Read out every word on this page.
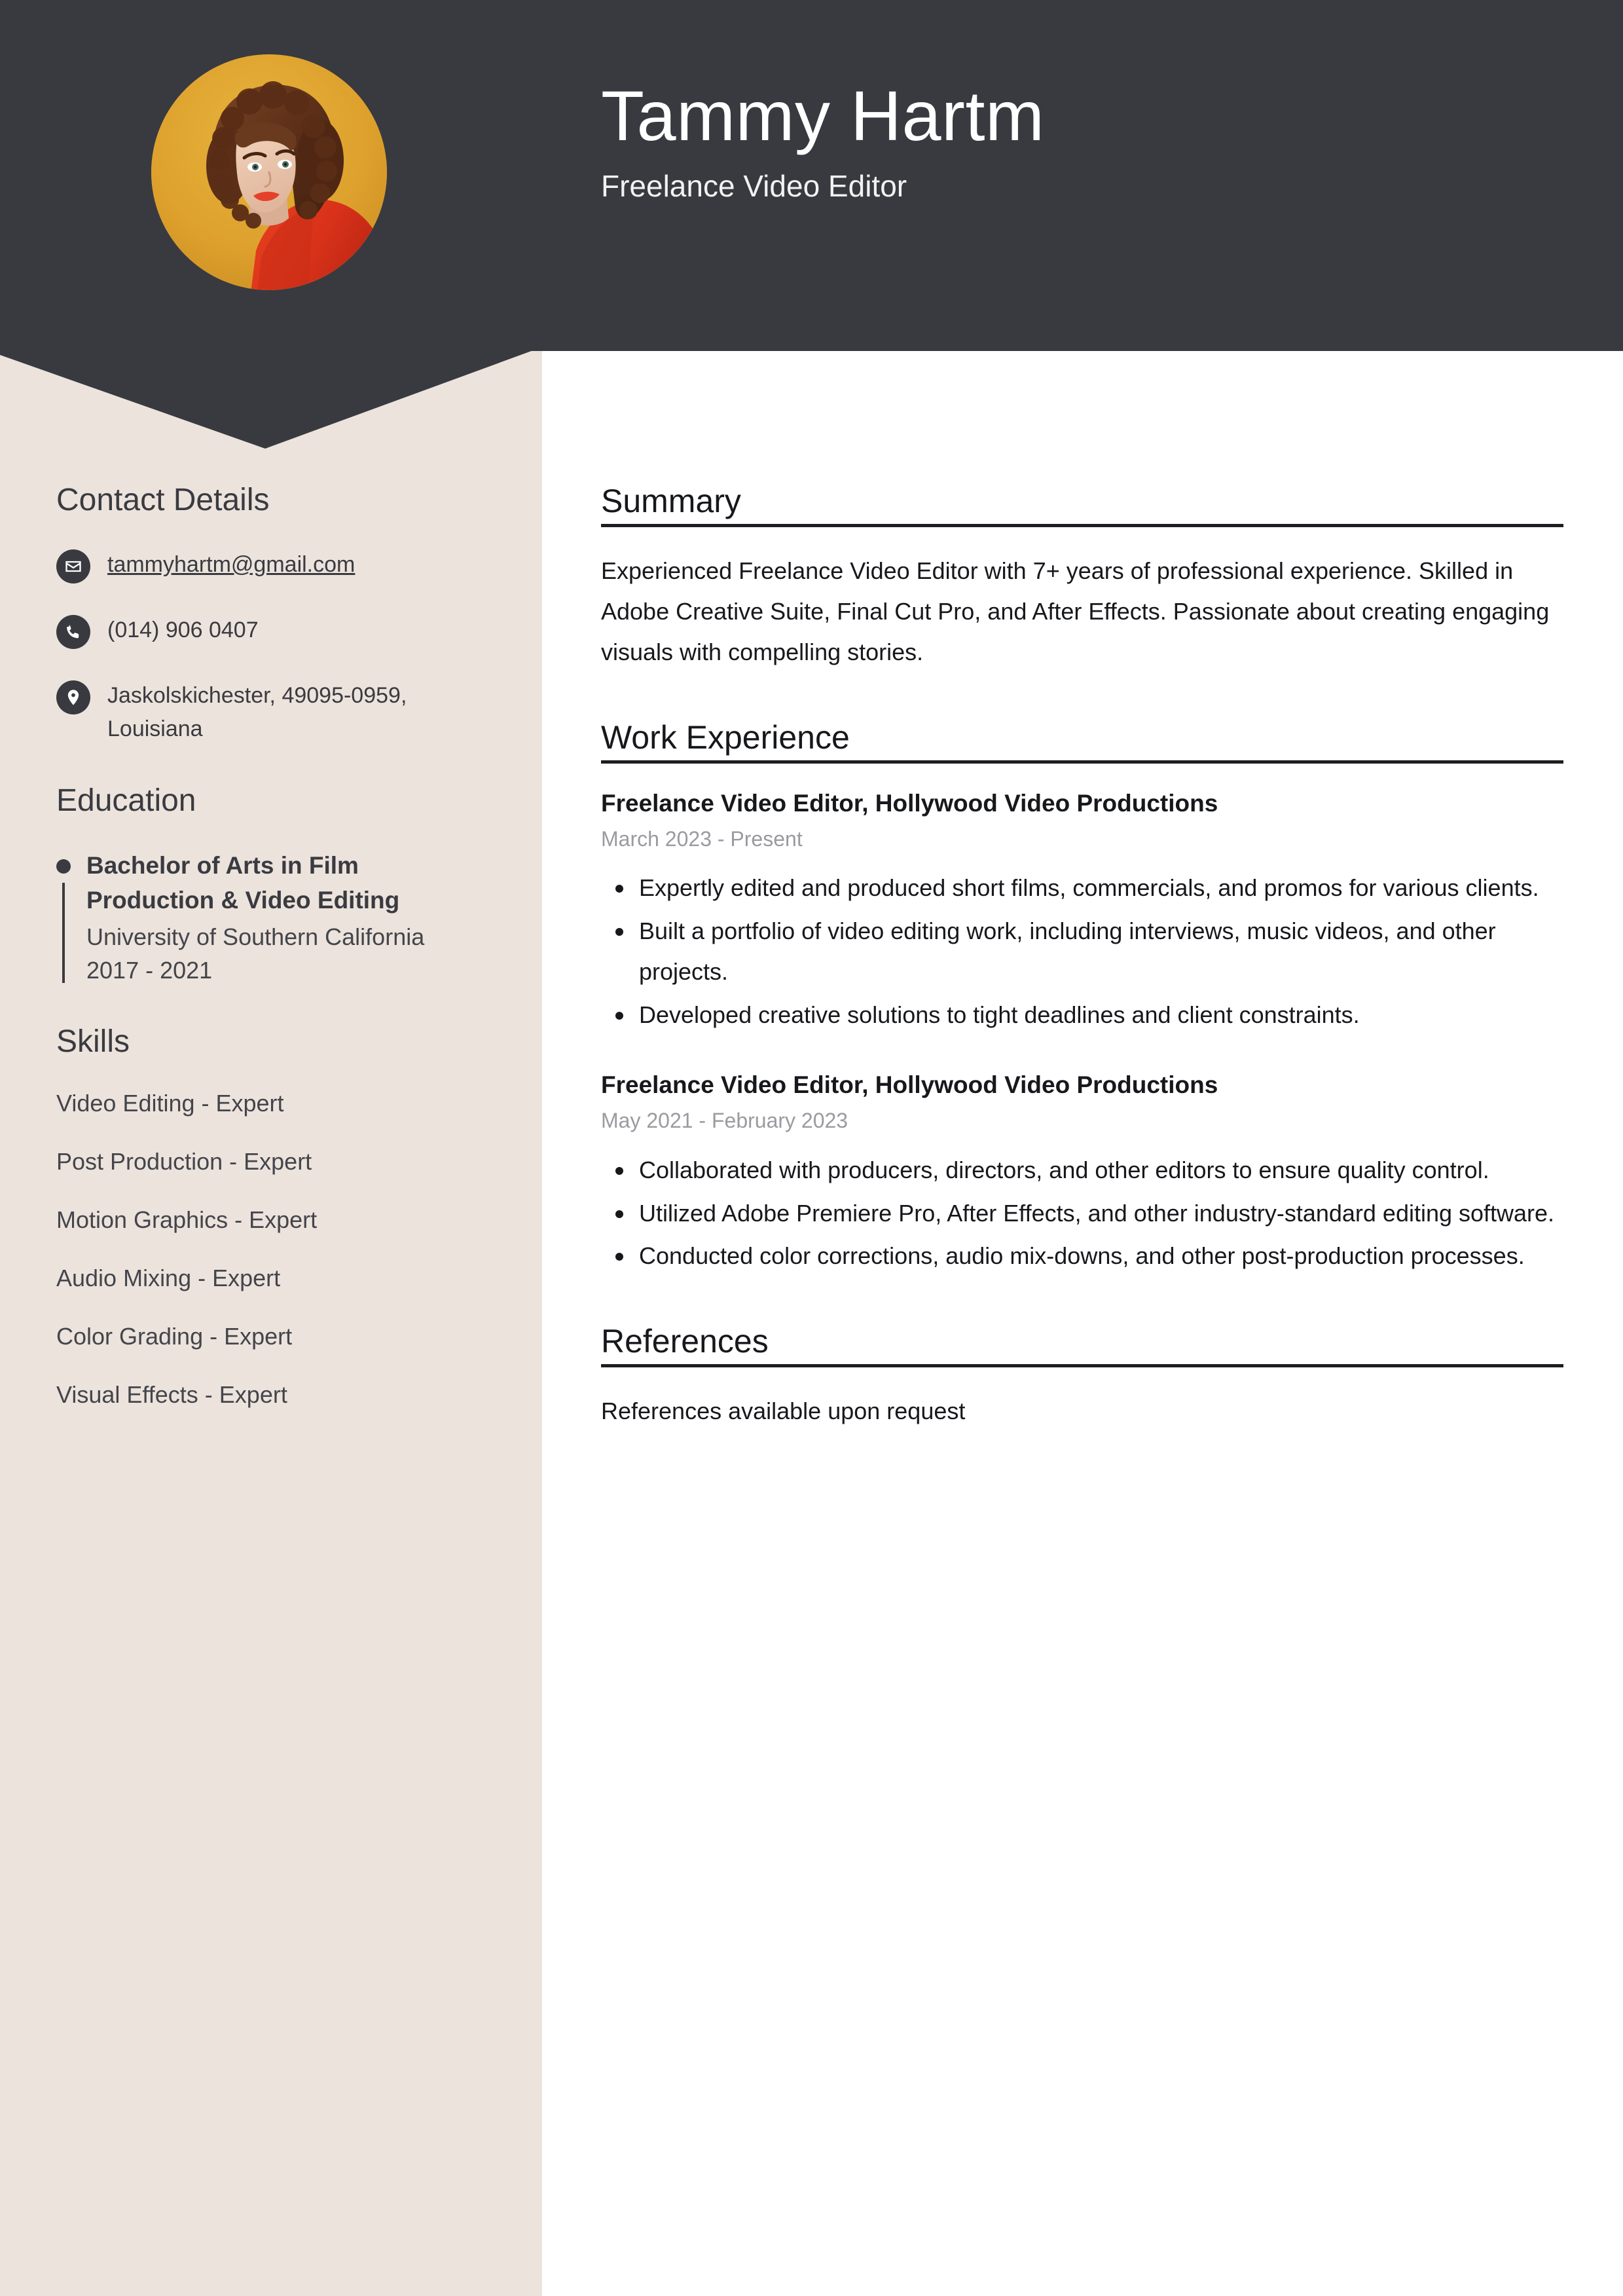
Tammy Hartm
Freelance Video Editor
Contact Details
tammyhartm@gmail.com
(014) 906 0407
Jaskolskichester, 49095-0959, Louisiana
Education
Bachelor of Arts in Film Production & Video Editing
University of Southern California
2017 - 2021
Skills
Video Editing - Expert
Post Production - Expert
Motion Graphics - Expert
Audio Mixing - Expert
Color Grading - Expert
Visual Effects - Expert
Summary
Experienced Freelance Video Editor with 7+ years of professional experience. Skilled in Adobe Creative Suite, Final Cut Pro, and After Effects. Passionate about creating engaging visuals with compelling stories.
Work Experience
Freelance Video Editor, Hollywood Video Productions
March 2023 - Present
Expertly edited and produced short films, commercials, and promos for various clients.
Built a portfolio of video editing work, including interviews, music videos, and other projects.
Developed creative solutions to tight deadlines and client constraints.
Freelance Video Editor, Hollywood Video Productions
May 2021 - February 2023
Collaborated with producers, directors, and other editors to ensure quality control.
Utilized Adobe Premiere Pro, After Effects, and other industry-standard editing software.
Conducted color corrections, audio mix-downs, and other post-production processes.
References
References available upon request
